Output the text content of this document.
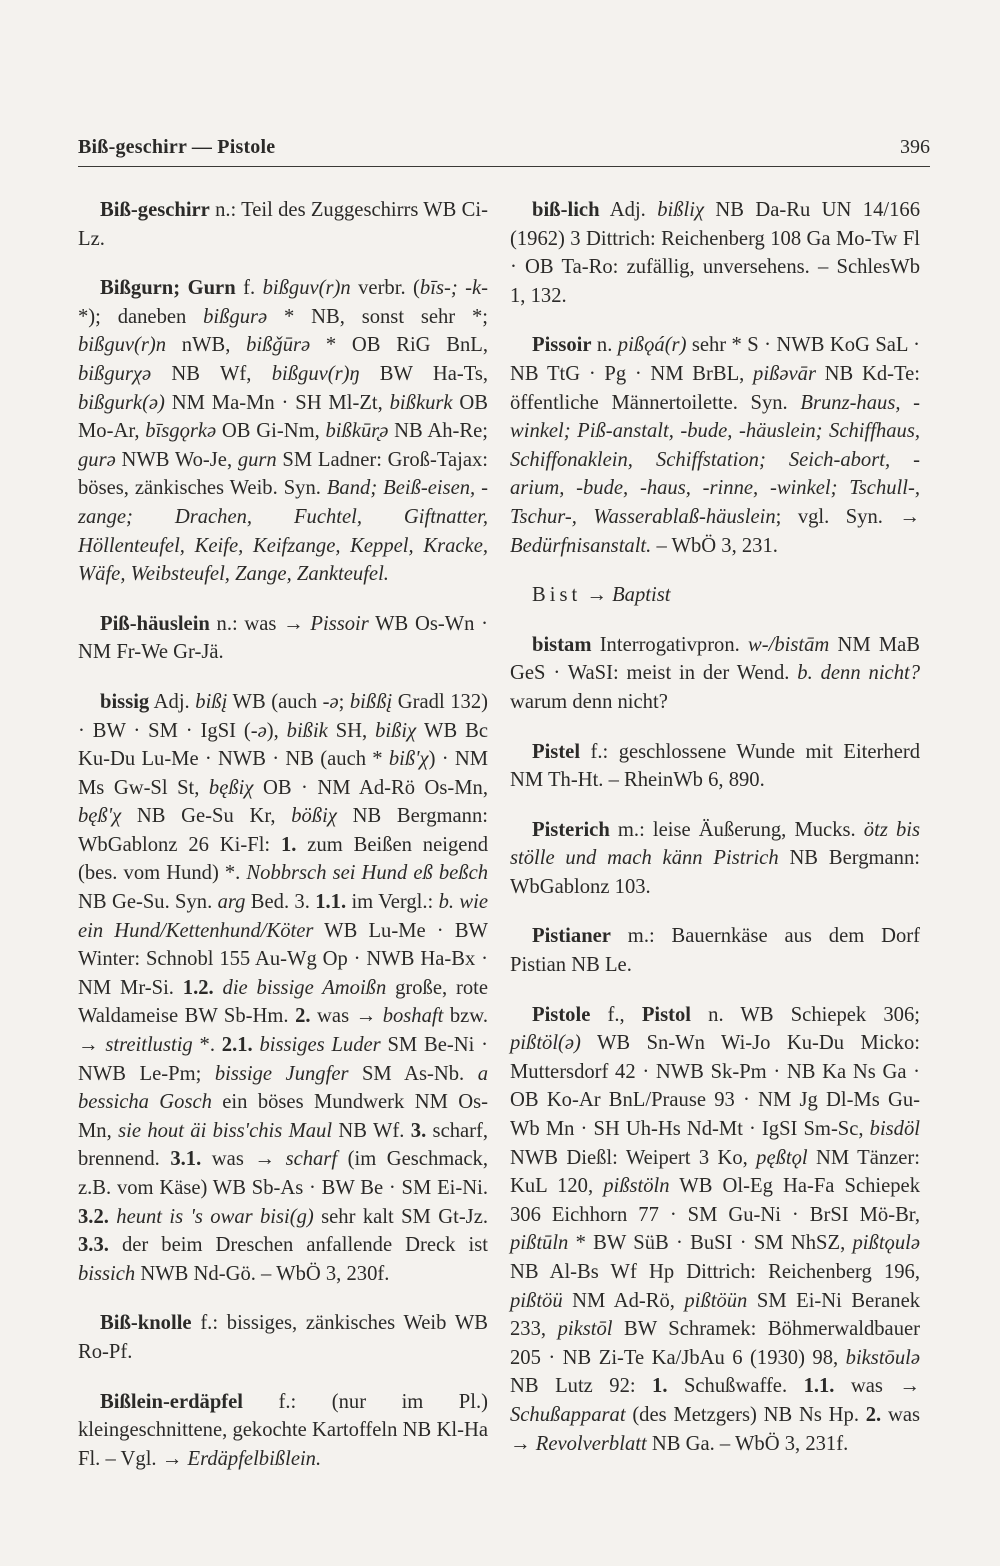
Biß-geschirr — Pistole	396

Biß-geschirr n.: Teil des Zuggeschirrs WB Ci-Lz.

Bißgurn; Gurn f. bißguv(r)n verbr. (bīs-; -k- *); daneben bißgurə * NB, sonst sehr *; bißguv(r)n nWB, bißǧūrə * OB RiG BnL, bißgurχə NB Wf, bißguv(r)ŋ BW Ha-Ts, bißgurk(ə) NM Ma-Mn · SH Ml-Zt, bißkurk OB Mo-Ar, bīsgǫrkə OB Gi-Nm, bißkūr̨ə NB Ah-Re; gurə NWB Wo-Je, gurn SM Ladner: Groß-Tajax: böses, zänkisches Weib. Syn. Band; Beiß-eisen, -zange; Drachen, Fuchtel, Giftnatter, Höllenteufel, Keife, Keifzange, Keppel, Kracke, Wäfe, Weibsteufel, Zange, Zankteufel.

Piß-häuslein n.: was → Pissoir WB Os-Wn · NM Fr-We Gr-Jä.

bissig Adj. bißį WB (auch -ə; bißßį Gradl 132) · BW · SM · IgSI (-ə), bißik SH, bißiχ WB Bc Ku-Du Lu-Me · NWB · NB (auch * biß'χ) · NM Ms Gw-Sl St, bęßiχ OB · NM Ad-Rö Os-Mn, bęß'χ NB Ge-Su Kr, bößiχ NB Bergmann: WbGablonz 26 Ki-Fl: 1. zum Beißen neigend (bes. vom Hund) *. Nobbrsch sei Hund eß beßch NB Ge-Su. Syn. arg Bed. 3. 1.1. im Vergl.: b. wie ein Hund/Kettenhund/Köter WB Lu-Me · BW Winter: Schnobl 155 Au-Wg Op · NWB Ha-Bx · NM Mr-Si. 1.2. die bissige Amoißn große, rote Waldameise BW Sb-Hm. 2. was → boshaft bzw. → streitlustig *. 2.1. bissiges Luder SM Be-Ni · NWB Le-Pm; bissige Jungfer SM As-Nb. a bessicha Gosch ein böses Mundwerk NM Os-Mn, sie hout äi biss'chis Maul NB Wf. 3. scharf, brennend. 3.1. was → scharf (im Geschmack, z.B. vom Käse) WB Sb-As · BW Be · SM Ei-Ni. 3.2. heunt is 's owar bisi(g) sehr kalt SM Gt-Jz. 3.3. der beim Dreschen anfallende Dreck ist bissich NWB Nd-Gö. – WbÖ 3, 230f.

Biß-knolle f.: bissiges, zänkisches Weib WB Ro-Pf.

Bißlein-erdäpfel f.: (nur im Pl.) kleingeschnittene, gekochte Kartoffeln NB Kl-Ha Fl. – Vgl. → Erdäpfelbißlein.

biß-lich Adj. bißliχ NB Da-Ru UN 14/166 (1962) 3 Dittrich: Reichenberg 108 Ga Mo-Tw Fl · OB Ta-Ro: zufällig, unversehens. – SchlesWb 1, 132.

Pissoir n. pißǫá(r) sehr * S · NWB KoG SaL · NB TtG · Pg · NM BrBL, pißəvār NB Kd-Te: öffentliche Männertoilette. Syn. Brunz-haus, -winkel; Piß-anstalt, -bude, -häuslein; Schiffhaus, Schiffonaklein, Schiffstation; Seich-abort, -arium, -bude, -haus, -rinne, -winkel; Tschull-, Tschur-, Wasserablaß-häuslein; vgl. Syn. → Bedürfnisanstalt. – WbÖ 3, 231.

Bist → Baptist

bistam Interrogativpron. w-/bistām NM MaB GeS · WaSI: meist in der Wend. b. denn nicht? warum denn nicht?

Pistel f.: geschlossene Wunde mit Eiterherd NM Th-Ht. – RheinWb 6, 890.

Pisterich m.: leise Äußerung, Mucks. ötz bis stölle und mach känn Pistrich NB Bergmann: WbGablonz 103.

Pistianer m.: Bauernkäse aus dem Dorf Pistian NB Le.

Pistole f., Pistol n. WB Schiepek 306; pißtöl(ə) WB Sn-Wn Wi-Jo Ku-Du Micko: Muttersdorf 42 · NWB Sk-Pm · NB Ka Ns Ga · OB Ko-Ar BnL/Prause 93 · NM Jg Dl-Ms Gu-Wb Mn · SH Uh-Hs Nd-Mt · IgSI Sm-Sc, bisdöl NWB Dießl: Weipert 3 Ko, pęßtǫl NM Tänzer: KuL 120, pißstöln WB Ol-Eg Ha-Fa Schiepek 306 Eichhorn 77 · SM Gu-Ni · BrSI Mö-Br, pißtūln * BW SüB · BuSI · SM NhSZ, pißtǫulə NB Al-Bs Wf Hp Dittrich: Reichenberg 196, pißtöü NM Ad-Rö, pißtöün SM Ei-Ni Beranek 233, pikstōl BW Schramek: Böhmerwaldbauer 205 · NB Zi-Te Ka/JbAu 6 (1930) 98, bikstōulə NB Lutz 92: 1. Schußwaffe. 1.1. was → Schußapparat (des Metzgers) NB Ns Hp. 2. was → Revolverblatt NB Ga. – WbÖ 3, 231f.
